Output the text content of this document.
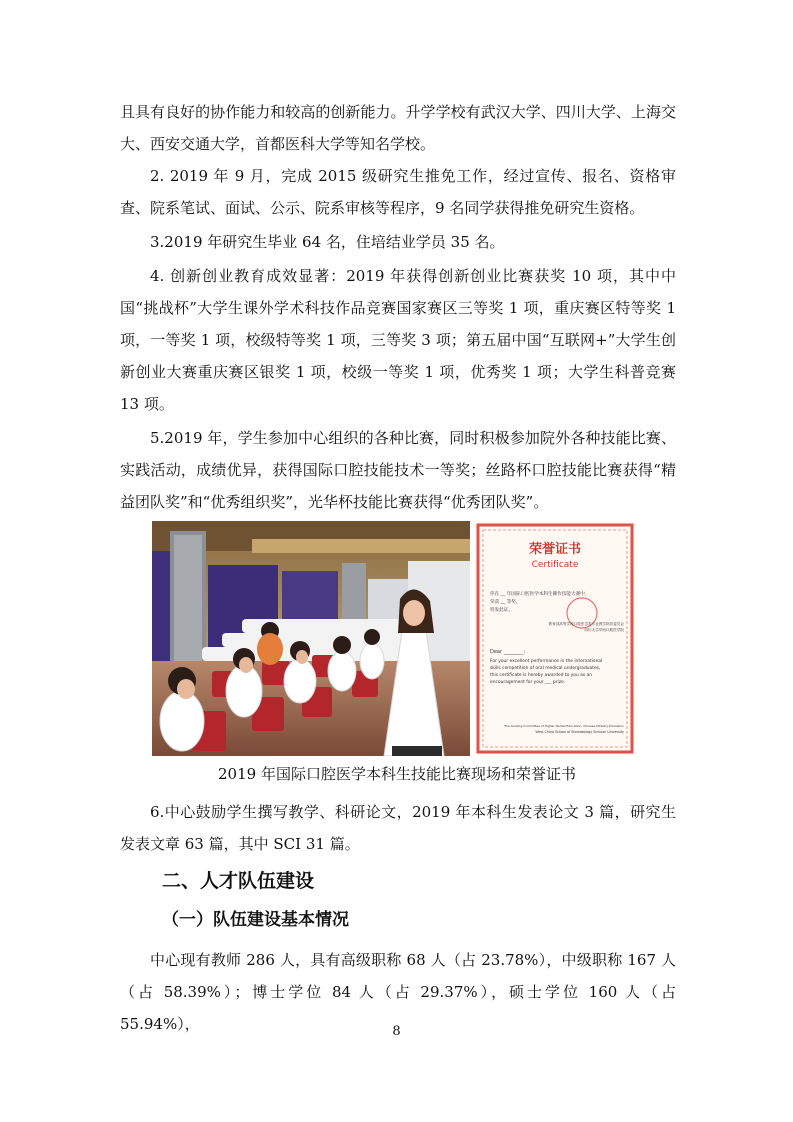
且具有良好的协作能力和较高的创新能力。升学学校有武汉大学、四川大学、上海交大、西安交通大学，首都医科大学等知名学校。

2. 2019 年 9 月，完成 2015 级研究生推免工作，经过宣传、报名、资格审查、院系笔试、面试、公示、院系审核等程序，9 名同学获得推免研究生资格。

3.2019 年研究生毕业 64 名，住培结业学员 35 名。

4. 创新创业教育成效显著：2019 年获得创新创业比赛获奖 10 项，其中中国“挑战杯”大学生课外学术科技作品竞赛国家赛区三等奖 1 项，重庆赛区特等奖 1 项，一等奖 1 项，校级特等奖 1 项，三等奖 3 项；第五届中国“互联网+”大学生创新创业大赛重庆赛区银奖 1 项，校级一等奖 1 项，优秀奖 1 项；大学生科普竞赛 13 项。

5.2019 年，学生参加中心组织的各种比赛，同时积极参加院外各种技能比赛、实践活动，成绩优异，获得国际口腔技能技术一等奖；丝路杯口腔技能比赛获得“精益团队奖”和“优秀组织奖”，光华杯技能比赛获得“优秀团队奖”。

荣誉证书
Certificate
你在 __ 年国际口腔医学本科生操作技能大赛中，
荣获 __ 等奖。
特发此证。
教育部高等学校口腔医学类专业教学指导委员会
四川大学华西口腔医学院
Dear ________:
For your excellent performance in the international
skills competition of oral medical undergraduates,
this certificate is hereby awarded to you as an
encouragement for your ___ prize.
The Guiding Committee of Higher Dental Education, Chinese Ministry Education
West China School of Stomatology Sichuan University

2019 年国际口腔医学本科生技能比赛现场和荣誉证书

6.中心鼓励学生撰写教学、科研论文，2019 年本科生发表论文 3 篇，研究生发表文章 63 篇，其中 SCI 31 篇。

二、人才队伍建设
（一）队伍建设基本情况

中心现有教师 286 人，具有高级职称 68 人（占 23.78%），中级职称 167 人（占 58.39%）；博士学位 84 人（占 29.37%），硕士学位 160 人（占 55.94%），	8
